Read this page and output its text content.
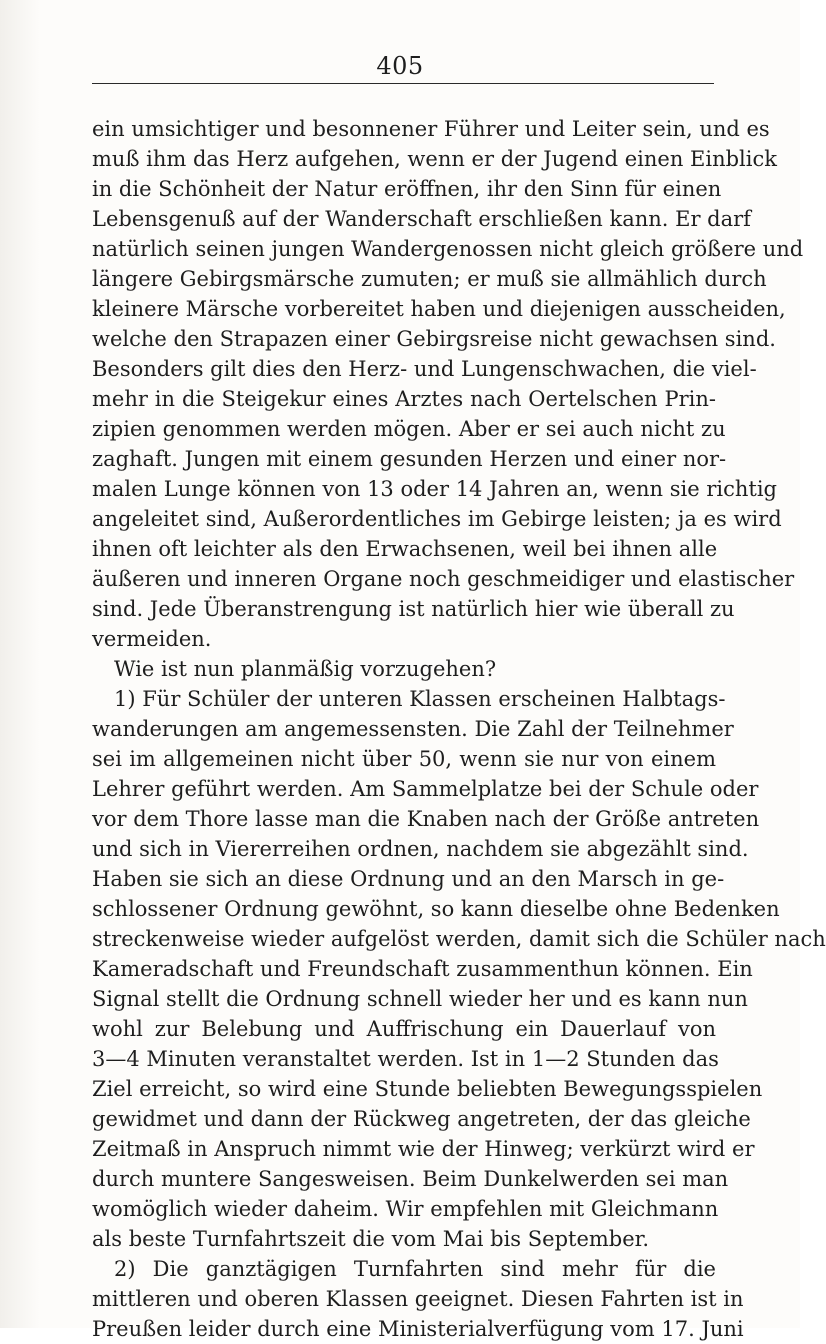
405
ein umsichtiger und besonnener Führer und Leiter sein, und es
muß ihm das Herz aufgehen, wenn er der Jugend einen Einblick
in die Schönheit der Natur eröffnen, ihr den Sinn für einen
Lebensgenuß auf der Wanderschaft erschließen kann. Er darf
natürlich seinen jungen Wandergenossen nicht gleich größere und
längere Gebirgsmärsche zumuten; er muß sie allmählich durch
kleinere Märsche vorbereitet haben und diejenigen ausscheiden,
welche den Strapazen einer Gebirgsreise nicht gewachsen sind.
Besonders gilt dies den Herz- und Lungenschwachen, die viel-
mehr in die Steigekur eines Arztes nach Oertelschen Prin-
zipien genommen werden mögen. Aber er sei auch nicht zu
zaghaft. Jungen mit einem gesunden Herzen und einer nor-
malen Lunge können von 13 oder 14 Jahren an, wenn sie richtig
angeleitet sind, Außerordentliches im Gebirge leisten; ja es wird
ihnen oft leichter als den Erwachsenen, weil bei ihnen alle
äußeren und inneren Organe noch geschmeidiger und elastischer
sind. Jede Überanstrengung ist natürlich hier wie überall zu
vermeiden.
Wie ist nun planmäßig vorzugehen?
1) Für Schüler der unteren Klassen erscheinen Halbtags-
wanderungen am angemessensten. Die Zahl der Teilnehmer
sei im allgemeinen nicht über 50, wenn sie nur von einem
Lehrer geführt werden. Am Sammelplatze bei der Schule oder
vor dem Thore lasse man die Knaben nach der Größe antreten
und sich in Viererreihen ordnen, nachdem sie abgezählt sind.
Haben sie sich an diese Ordnung und an den Marsch in ge-
schlossener Ordnung gewöhnt, so kann dieselbe ohne Bedenken
streckenweise wieder aufgelöst werden, damit sich die Schüler nach
Kameradschaft und Freundschaft zusammenthun können. Ein
Signal stellt die Ordnung schnell wieder her und es kann nun
wohl zur Belebung und Auffrischung ein Dauerlauf von
3—4 Minuten veranstaltet werden. Ist in 1—2 Stunden das
Ziel erreicht, so wird eine Stunde beliebten Bewegungsspielen
gewidmet und dann der Rückweg angetreten, der das gleiche
Zeitmaß in Anspruch nimmt wie der Hinweg; verkürzt wird er
durch muntere Sangesweisen. Beim Dunkelwerden sei man
womöglich wieder daheim. Wir empfehlen mit Gleichmann
als beste Turnfahrtszeit die vom Mai bis September.
2) Die ganztägigen Turnfahrten sind mehr für die
mittleren und oberen Klassen geeignet. Diesen Fahrten ist in
Preußen leider durch eine Ministerialverfügung vom 17. Juni
